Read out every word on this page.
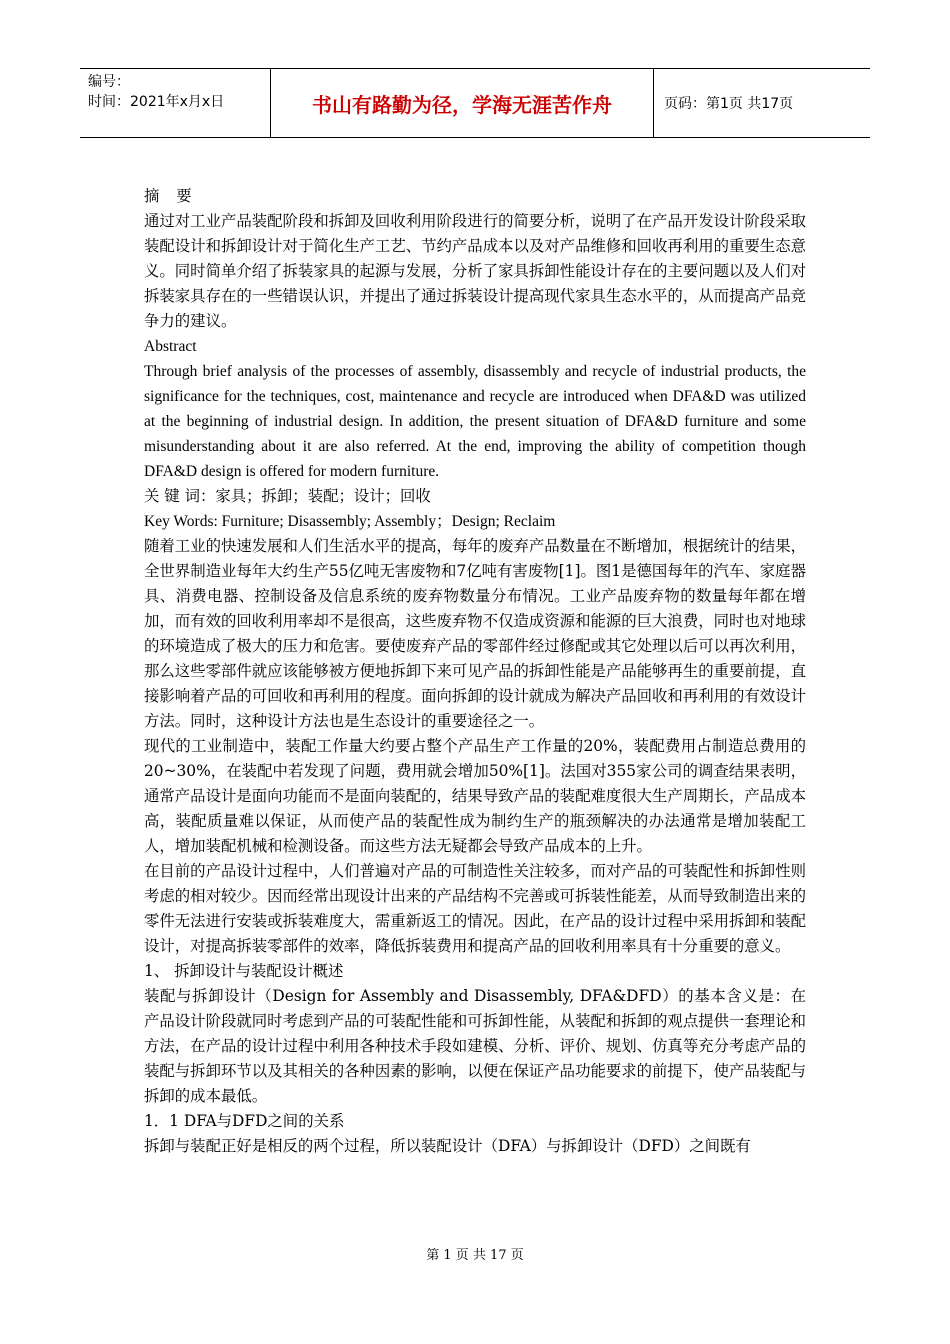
编号：
时间：2021年x月x日	书山有路勤为径，学海无涯苦作舟	页码：第1页 共17页

摘 要

通过对工业产品装配阶段和拆卸及回收利用阶段进行的简要分析，说明了在产品开发设计阶段采取装配设计和拆卸设计对于简化生产工艺、节约产品成本以及对产品维修和回收再利用的重要生态意义。同时简单介绍了拆装家具的起源与发展，分析了家具拆卸性能设计存在的主要问题以及人们对拆装家具存在的一些错误认识，并提出了通过拆装设计提高现代家具生态水平的，从而提高产品竞争力的建议。

Abstract

Through brief analysis of the processes of assembly, disassembly and recycle of industrial products, the significance for the techniques, cost, maintenance and recycle are introduced when DFA&D was utilized at the beginning of industrial design. In addition, the present situation of DFA&D furniture and some misunderstanding about it are also referred. At the end, improving the ability of competition though DFA&D design is offered for modern furniture.

关 键 词：家具；拆卸；装配；设计；回收

Key Words: Furniture; Disassembly; Assembly；Design; Reclaim

随着工业的快速发展和人们生活水平的提高，每年的废弃产品数量在不断增加，根据统计的结果，全世界制造业每年大约生产55亿吨无害废物和7亿吨有害废物[1]。图1是德国每年的汽车、家庭器具、消费电器、控制设备及信息系统的废弃物数量分布情况。工业产品废弃物的数量每年都在增加，而有效的回收利用率却不是很高，这些废弃物不仅造成资源和能源的巨大浪费，同时也对地球的环境造成了极大的压力和危害。要使废弃产品的零部件经过修配或其它处理以后可以再次利用，那么这些零部件就应该能够被方便地拆卸下来可见产品的拆卸性能是产品能够再生的重要前提，直接影响着产品的可回收和再利用的程度。面向拆卸的设计就成为解决产品回收和再利用的有效设计方法。同时，这种设计方法也是生态设计的重要途径之一。

现代的工业制造中，装配工作量大约要占整个产品生产工作量的20%，装配费用占制造总费用的20~30%，在装配中若发现了问题，费用就会增加50%[1]。法国对355家公司的调查结果表明，通常产品设计是面向功能而不是面向装配的，结果导致产品的装配难度很大生产周期长，产品成本高，装配质量难以保证，从而使产品的装配性成为制约生产的瓶颈解决的办法通常是增加装配工人，增加装配机械和检测设备。而这些方法无疑都会导致产品成本的上升。

在目前的产品设计过程中，人们普遍对产品的可制造性关注较多，而对产品的可装配性和拆卸性则考虑的相对较少。因而经常出现设计出来的产品结构不完善或可拆装性能差，从而导致制造出来的零件无法进行安装或拆装难度大，需重新返工的情况。因此，在产品的设计过程中采用拆卸和装配设计，对提高拆装零部件的效率，降低拆装费用和提高产品的回收利用率具有十分重要的意义。

1、 拆卸设计与装配设计概述

装配与拆卸设计（Design for Assembly and Disassembly, DFA&DFD）的基本含义是：在产品设计阶段就同时考虑到产品的可装配性能和可拆卸性能，从装配和拆卸的观点提供一套理论和方法，在产品的设计过程中利用各种技术手段如建模、分析、评价、规划、仿真等充分考虑产品的装配与拆卸环节以及其相关的各种因素的影响，以便在保证产品功能要求的前提下，使产品装配与拆卸的成本最低。

1．1 DFA与DFD之间的关系

拆卸与装配正好是相反的两个过程，所以装配设计（DFA）与拆卸设计（DFD）之间既有

第 1 页 共 17 页
